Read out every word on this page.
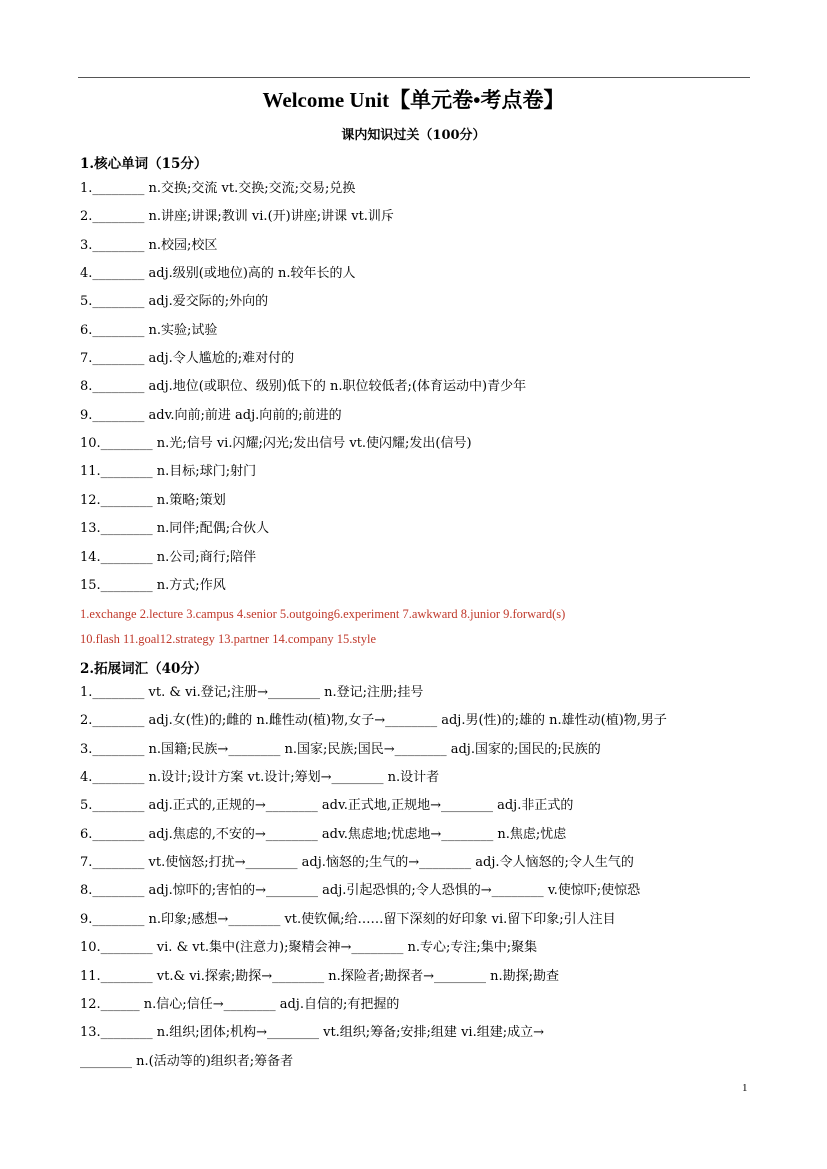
Welcome Unit【单元卷•考点卷】
课内知识过关（100分）
1.核心单词（15分）
1.________ n.交换;交流 vt.交换;交流;交易;兑换
2.________ n.讲座;讲课;教训 vi.(开)讲座;讲课 vt.训斥
3.________ n.校园;校区
4.________ adj.级别(或地位)高的 n.较年长的人
5.________ adj.爱交际的;外向的
6.________ n.实验;试验
7.________ adj.令人尴尬的;难对付的
8.________ adj.地位(或职位、级别)低下的 n.职位较低者;(体育运动中)青少年
9.________ adv.向前;前进 adj.向前的;前进的
10.________ n.光;信号 vi.闪耀;闪光;发出信号 vt.使闪耀;发出(信号)
11.________ n.目标;球门;射门
12.________ n.策略;策划
13.________ n.同伴;配偶;合伙人
14.________ n.公司;商行;陪伴
15.________ n.方式;作风
1.exchange 2.lecture 3.campus 4.senior 5.outgoing6.experiment 7.awkward 8.junior 9.forward(s)
10.flash 11.goal12.strategy 13.partner 14.company 15.style
2.拓展词汇（40分）
1.________ vt. & vi.登记;注册→________ n.登记;注册;挂号
2.________ adj.女(性)的;雌的 n.雌性动(植)物,女子→________ adj.男(性)的;雄的 n.雄性动(植)物,男子
3.________ n.国籍;民族→________ n.国家;民族;国民→________ adj.国家的;国民的;民族的
4.________ n.设计;设计方案 vt.设计;筹划→________ n.设计者
5.________ adj.正式的,正规的→________ adv.正式地,正规地→________ adj.非正式的
6.________ adj.焦虑的,不安的→________ adv.焦虑地;忧虑地→________ n.焦虑;忧虑
7.________ vt.使恼怒;打扰→________ adj.恼怒的;生气的→________ adj.令人恼怒的;令人生气的
8.________ adj.惊吓的;害怕的→________ adj.引起恐惧的;令人恐惧的→________ v.使惊吓;使惊恐
9.________ n.印象;感想→________ vt.使钦佩;给……留下深刻的好印象 vi.留下印象;引人注目
10.________ vi. & vt.集中(注意力);聚精会神→________ n.专心;专注;集中;聚集
11.________ vt.& vi.探索;勘探→________ n.探险者;勘探者→________ n.勘探;勘查
12.______ n.信心;信任→________ adj.自信的;有把握的
13.________ n.组织;团体;机构→________ vt.组织;筹备;安排;组建 vi.组建;成立→
________ n.(活动等的)组织者;筹备者
1
